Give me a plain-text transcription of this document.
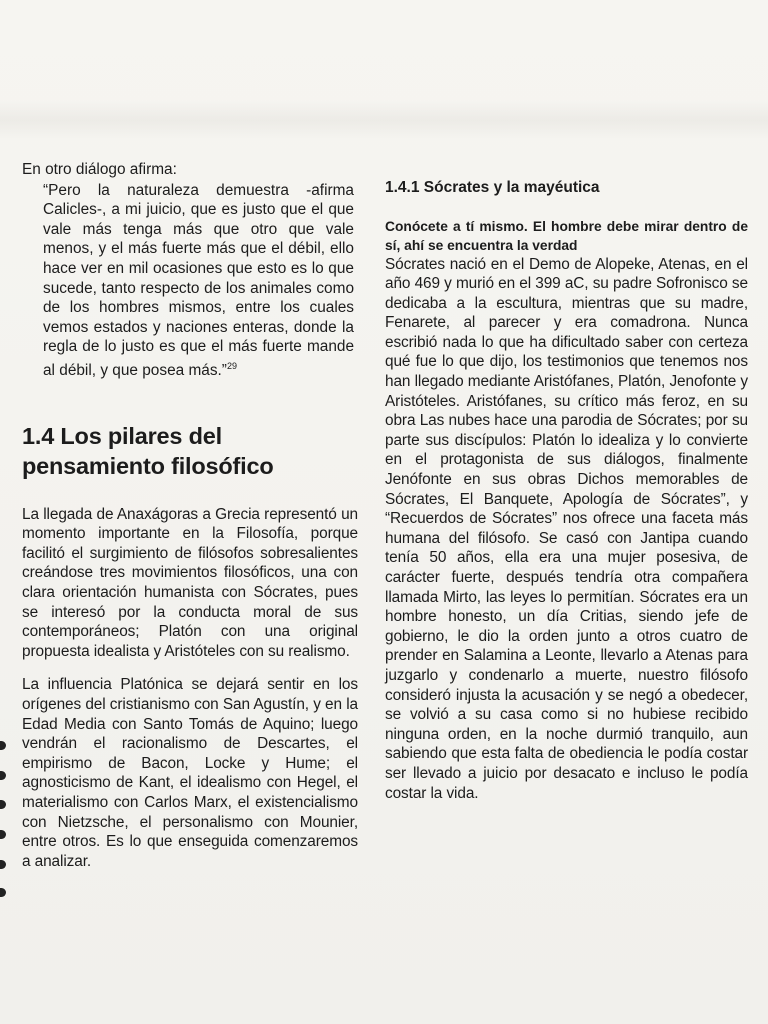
En otro diálogo afirma:

“Pero la naturaleza demuestra -afirma Calicles-, a mi juicio, que es justo que el que vale más tenga más que otro que vale menos, y el más fuerte más que el débil, ello hace ver en mil ocasiones que esto es lo que sucede, tanto respecto de los animales como de los hombres mismos, entre los cuales vemos estados y naciones enteras, donde la regla de lo justo es que el más fuerte mande al débil, y que posea más.”$^{29}$

1.4 Los pilares del pensamiento filosófico

La llegada de Anaxágoras a Grecia representó un momento importante en la Filosofía, porque facilitó el surgimiento de filósofos sobresalientes creándose tres movimientos filosóficos, una con clara orientación humanista con Sócrates, pues se interesó por la conducta moral de sus contemporáneos; Platón con una original propuesta idealista y Aristóteles con su realismo.

La influencia Platónica se dejará sentir en los orígenes del cristianismo con San Agustín, y en la Edad Media con Santo Tomás de Aquino; luego vendrán el racionalismo de Descartes, el empirismo de Bacon, Locke y Hume; el agnosticismo de Kant, el idealismo con Hegel, el materialismo con Carlos Marx, el existencialismo con Nietzsche, el personalismo con Mounier, entre otros. Es lo que enseguida comenzaremos a analizar.

1.4.1 Sócrates y la mayéutica

Conócete a tí mismo. El hombre debe mirar dentro de sí, ahí se encuentra la verdad

Sócrates nació en el Demo de Alopeke, Atenas, en el año 469 y murió en el 399 aC, su padre Sofronisco se dedicaba a la escultura, mientras que su madre, Fenarete, al parecer y era comadrona. Nunca escribió nada lo que ha dificultado saber con certeza qué fue lo que dijo, los testimonios que tenemos nos han llegado mediante Aristófanes, Platón, Jenofonte y Aristóteles. Aristófanes, su crítico más feroz, en su obra Las nubes hace una parodia de Sócrates; por su parte sus discípulos: Platón lo idealiza y lo convierte en el protagonista de sus diálogos, finalmente Jenófonte en sus obras Dichos memorables de Sócrates, El Banquete, Apología de Sócrates”, y “Recuerdos de Sócrates” nos ofrece una faceta más humana del filósofo. Se casó con Jantipa cuando tenía 50 años, ella era una mujer posesiva, de carácter fuerte, después tendría otra compañera llamada Mirto, las leyes lo permitían. Sócrates era un hombre honesto, un día Critias, siendo jefe de gobierno, le dio la orden junto a otros cuatro de prender en Salamina a Leonte, llevarlo a Atenas para juzgarlo y condenarlo a muerte, nuestro filósofo consideró injusta la acusación y se negó a obedecer, se volvió a su casa como si no hubiese recibido ninguna orden, en la noche durmió tranquilo, aun sabiendo que esta falta de obediencia le podía costar ser llevado a juicio por desacato e incluso le podía costar la vida.
